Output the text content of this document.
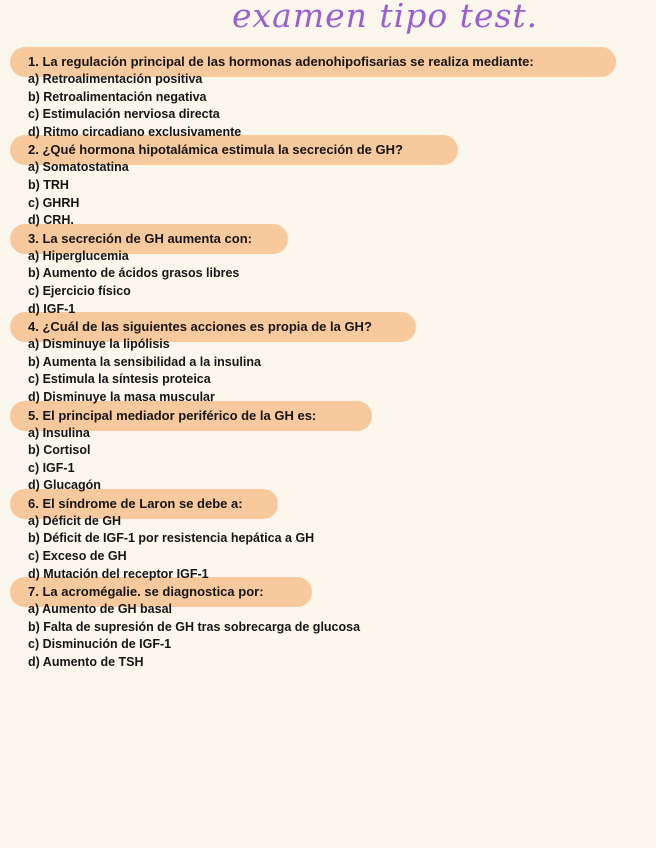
examen tipo test.
1. La regulación principal de las hormonas adenohipofisarias se realiza mediante:
a) Retroalimentación positiva
b) Retroalimentación negativa
c) Estimulación nerviosa directa
d) Ritmo circadiano exclusivamente
2. ¿Qué hormona hipotalámica estimula la secreción de GH?
a) Somatostatina
b) TRH
c) GHRH
d) CRH.
3. La secreción de GH aumenta con:
a) Hiperglucemia
b) Aumento de ácidos grasos libres
c) Ejercicio físico
d) IGF-1
4. ¿Cuál de las siguientes acciones es propia de la GH?
a) Disminuye la lipólisis
b) Aumenta la sensibilidad a la insulina
c) Estimula la síntesis proteica
d) Disminuye la masa muscular
5. El principal mediador periférico de la GH es:
a) Insulina
b) Cortisol
c) IGF-1
d) Glucagón
6. El síndrome de Laron se debe a:
a) Déficit de GH
b) Déficit de IGF-1 por resistencia hepática a GH
c) Exceso de GH
d) Mutación del receptor IGF-1
7. La acromégalie. se diagnostica por:
a) Aumento de GH basal
b) Falta de supresión de GH tras sobrecarga de glucosa
c) Disminución de IGF-1
d) Aumento de TSH
